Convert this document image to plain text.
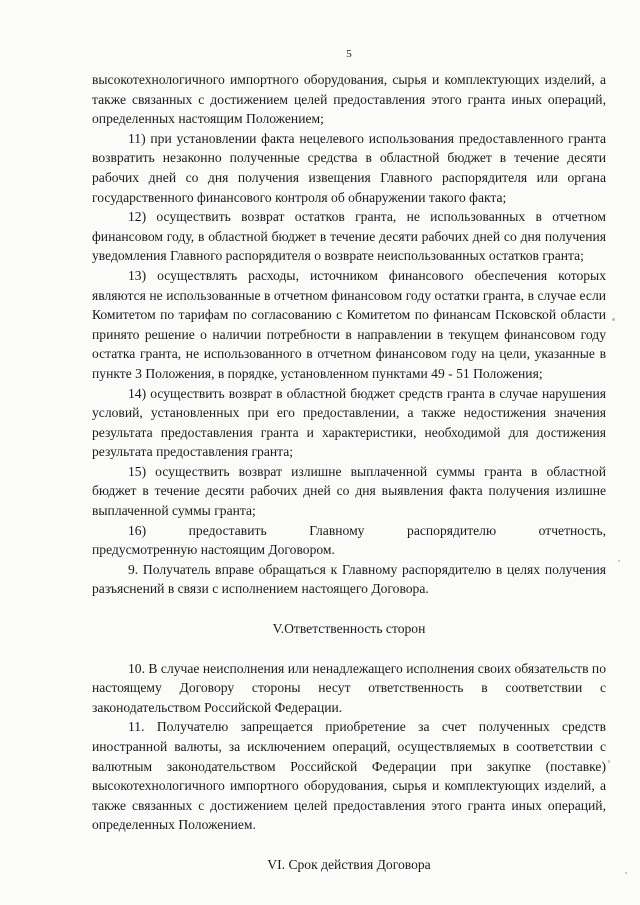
5

высокотехнологичного импортного оборудования, сырья и комплектующих изделий, а также связанных с достижением целей предоставления этого гранта иных операций, определенных настоящим Положением;

11) при установлении факта нецелевого использования предоставленного гранта возвратить незаконно полученные средства в областной бюджет в течение десяти рабочих дней со дня получения извещения Главного распорядителя или органа государственного финансового контроля об обнаружении такого факта;

12) осуществить возврат остатков гранта, не использованных в отчетном финансовом году, в областной бюджет в течение десяти рабочих дней со дня получения уведомления Главного распорядителя о возврате неиспользованных остатков гранта;

13) осуществлять расходы, источником финансового обеспечения которых являются не использованные в отчетном финансовом году остатки гранта, в случае если Комитетом по тарифам по согласованию с Комитетом по финансам Псковской области принято решение о наличии потребности в направлении в текущем финансовом году остатка гранта, не использованного в отчетном финансовом году на цели, указанные в пункте 3 Положения, в порядке, установленном пунктами 49 - 51 Положения;

14) осуществить возврат в областной бюджет средств гранта в случае нарушения условий, установленных при его предоставлении, а также недостижения значения результата предоставления гранта и характеристики, необходимой для достижения результата предоставления гранта;

15) осуществить возврат излишне выплаченной суммы гранта в областной бюджет в течение десяти рабочих дней со дня выявления факта получения излишне выплаченной суммы гранта;

16)	предоставить	Главному	распорядителю	отчетность,

предусмотренную настоящим Договором.

9. Получатель вправе обращаться к Главному распорядителю в целях получения разъяснений в связи с исполнением настоящего Договора.

V.Ответственность сторон

10. В случае неисполнения или ненадлежащего исполнения своих обязательств по настоящему Договору стороны несут ответственность в соответствии с законодательством Российской Федерации.

11. Получателю запрещается приобретение за счет полученных средств иностранной валюты, за исключением операций, осуществляемых в соответствии с валютным законодательством Российской Федерации при закупке (поставке) высокотехнологичного импортного оборудования, сырья и комплектующих изделий, а также связанных с достижением целей предоставления этого гранта иных операций, определенных Положением.

VI. Срок действия Договора
